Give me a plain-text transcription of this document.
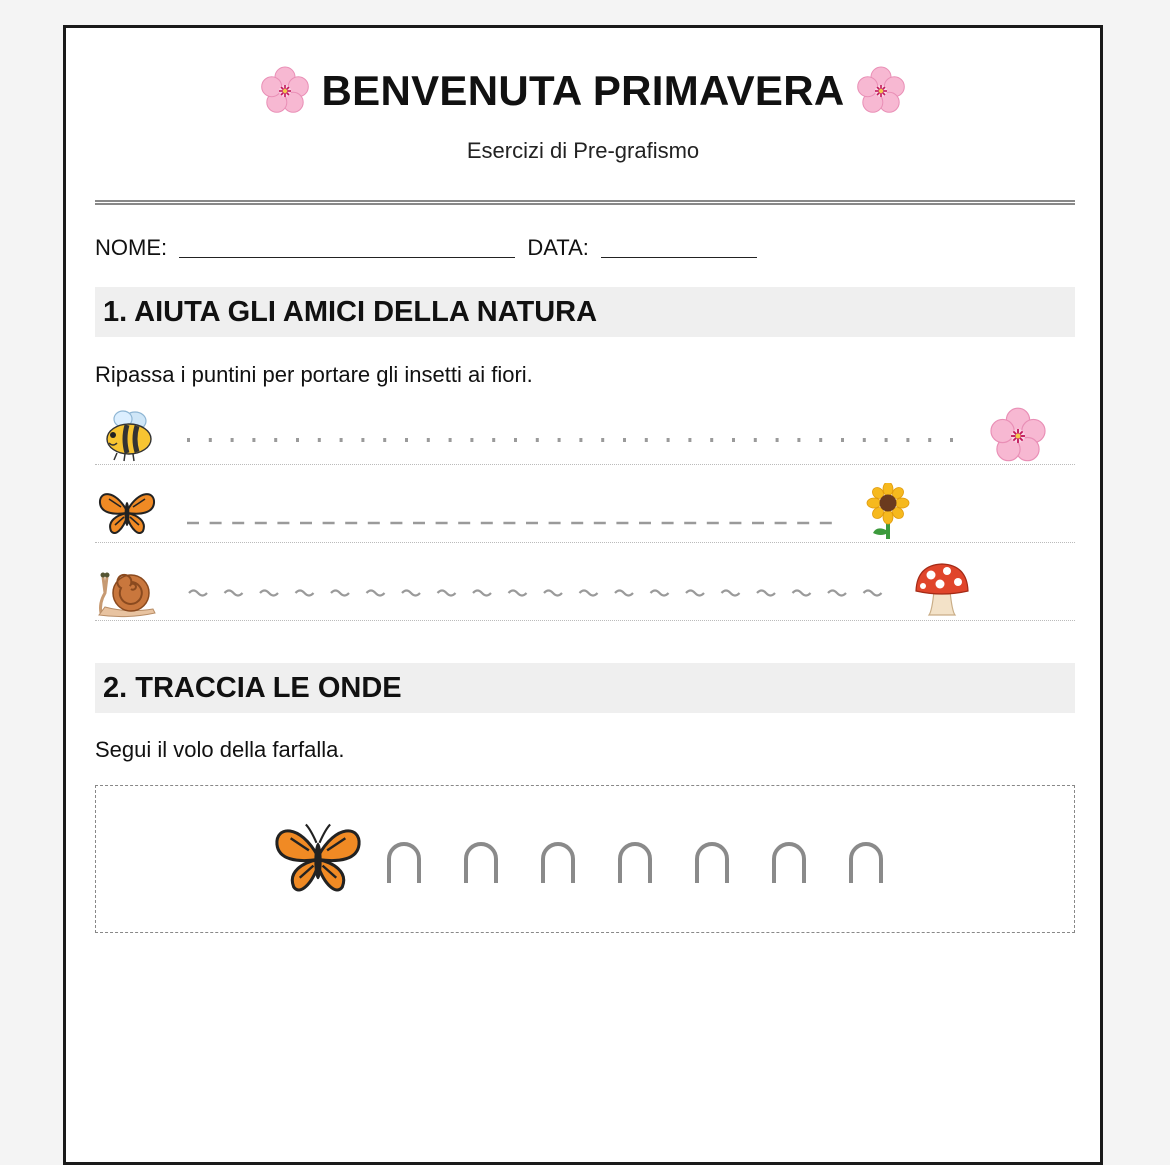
BENVENUTA PRIMAVERA
Esercizi di Pre-grafismo
NOME:	DATA:
1. AIUTA GLI AMICI DELLA NATURA
Ripassa i puntini per portare gli insetti ai fiori.
2. TRACCIA LE ONDE
Segui il volo della farfalla.
